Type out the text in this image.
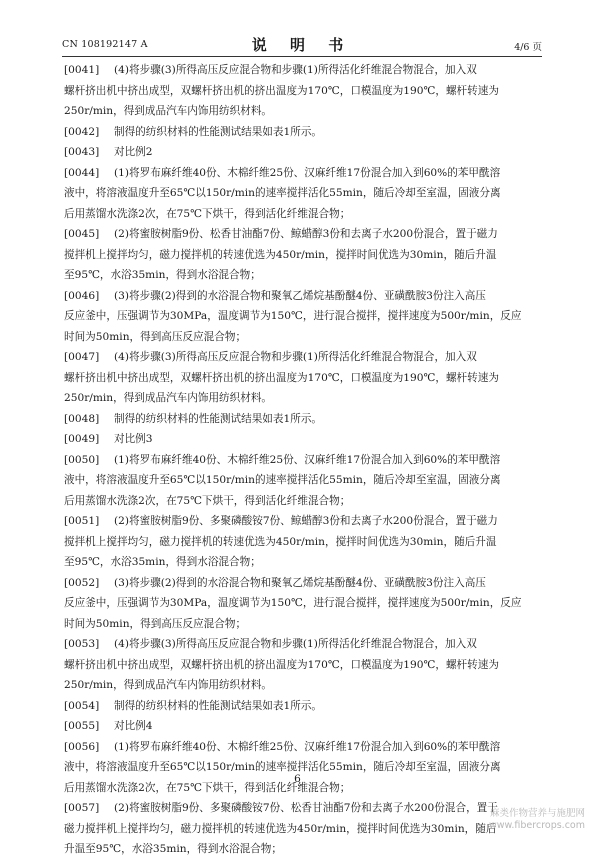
CN 108192147 A	说 明 书	4/6 页
[0041] (4)将步骤(3)所得高压反应混合物和步骤(1)所得活化纤维混合物混合，加入双
螺杆挤出机中挤出成型，双螺杆挤出机的挤出温度为170℃，口模温度为190℃，螺杆转速为
250r/min，得到成品汽车内饰用纺织材料。
[0042] 制得的纺织材料的性能测试结果如表1所示。
[0043] 对比例2
[0044] (1)将罗布麻纤维40份、木棉纤维25份、汉麻纤维17份混合加入到60%的苯甲酰溶
液中，将溶液温度升至65℃以150r/min的速率搅拌活化55min，随后冷却至室温，固液分离
后用蒸馏水洗涤2次，在75℃下烘干，得到活化纤维混合物；
[0045] (2)将蜜胺树脂9份、松香甘油酯7份、鲸蜡醇3份和去离子水200份混合，置于磁力
搅拌机上搅拌均匀，磁力搅拌机的转速优选为450r/min，搅拌时间优选为30min，随后升温
至95℃，水浴35min，得到水浴混合物；
[0046] (3)将步骤(2)得到的水浴混合物和聚氧乙烯烷基酚醚4份、亚磺酰胺3份注入高压
反应釜中，压强调节为30MPa，温度调节为150℃，进行混合搅拌，搅拌速度为500r/min，反应
时间为50min，得到高压反应混合物；
[0047] (4)将步骤(3)所得高压反应混合物和步骤(1)所得活化纤维混合物混合，加入双
螺杆挤出机中挤出成型，双螺杆挤出机的挤出温度为170℃，口模温度为190℃，螺杆转速为
250r/min，得到成品汽车内饰用纺织材料。
[0048] 制得的纺织材料的性能测试结果如表1所示。
[0049] 对比例3
[0050] (1)将罗布麻纤维40份、木棉纤维25份、汉麻纤维17份混合加入到60%的苯甲酰溶
液中，将溶液温度升至65℃以150r/min的速率搅拌活化55min，随后冷却至室温，固液分离
后用蒸馏水洗涤2次，在75℃下烘干，得到活化纤维混合物；
[0051] (2)将蜜胺树脂9份、多聚磷酸铵7份、鲸蜡醇3份和去离子水200份混合，置于磁力
搅拌机上搅拌均匀，磁力搅拌机的转速优选为450r/min，搅拌时间优选为30min，随后升温
至95℃，水浴35min，得到水浴混合物；
[0052] (3)将步骤(2)得到的水浴混合物和聚氧乙烯烷基酚醚4份、亚磺酰胺3份注入高压
反应釜中，压强调节为30MPa，温度调节为150℃，进行混合搅拌，搅拌速度为500r/min，反应
时间为50min，得到高压反应混合物；
[0053] (4)将步骤(3)所得高压反应混合物和步骤(1)所得活化纤维混合物混合，加入双
螺杆挤出机中挤出成型，双螺杆挤出机的挤出温度为170℃，口模温度为190℃，螺杆转速为
250r/min，得到成品汽车内饰用纺织材料。
[0054] 制得的纺织材料的性能测试结果如表1所示。
[0055] 对比例4
[0056] (1)将罗布麻纤维40份、木棉纤维25份、汉麻纤维17份混合加入到60%的苯甲酰溶
液中，将溶液温度升至65℃以150r/min的速率搅拌活化55min，随后冷却至室温，固液分离
后用蒸馏水洗涤2次，在75℃下烘干，得到活化纤维混合物；
[0057] (2)将蜜胺树脂9份、多聚磷酸铵7份、松香甘油酯7份和去离子水200份混合，置于
磁力搅拌机上搅拌均匀，磁力搅拌机的转速优选为450r/min，搅拌时间优选为30min，随后
升温至95℃，水浴35min，得到水浴混合物；
6
麻类作物营养与施肥网
www.fibercrops.com
